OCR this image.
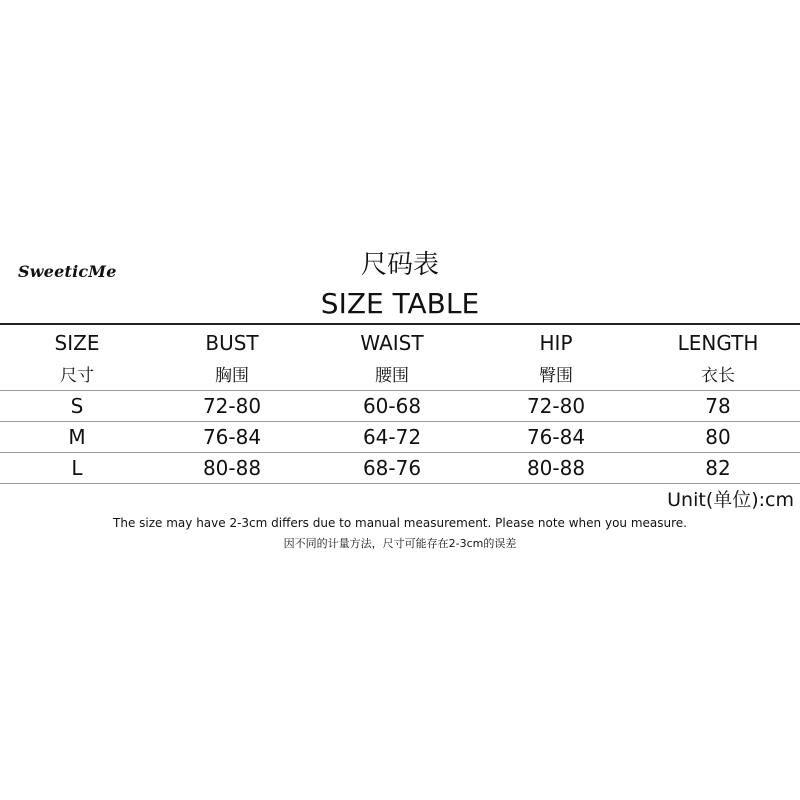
SweeticMe	尺码表
SIZE TABLE
SIZE	BUST	WAIST	HIP	LENGTH
尺寸	胸围	腰围	臀围	衣长
S	72-80	60-68	72-80	78
M	76-84	64-72	76-84	80
L	80-88	68-76	80-88	82
Unit(单位):cm
The size may have 2-3cm differs due to manual measurement. Please note when you measure.
因不同的计量方法，尺寸可能存在2-3cm的误差
